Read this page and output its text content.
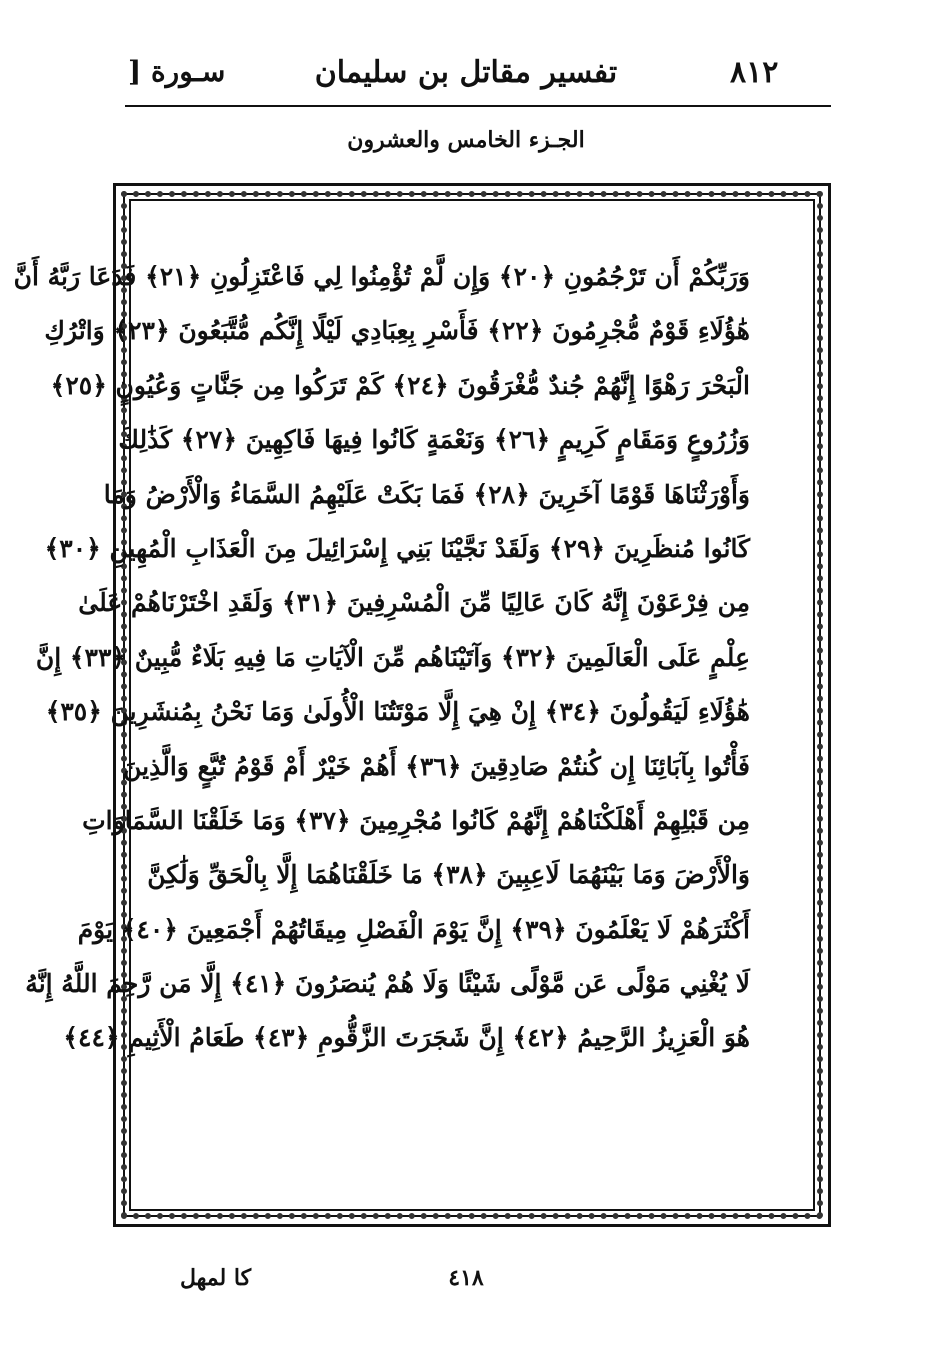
٨١٢
تفسير مقاتل بن سليمان
سـورة [
الجـزء الخامس والعشرون
وَرَبِّكُمْ أَن تَرْجُمُونِ ﴿٢٠﴾ وَإِن لَّمْ تُؤْمِنُوا لِي فَاعْتَزِلُونِ ﴿٢١﴾ فَدَعَا رَبَّهُ أَنَّ
هَٰؤُلَاءِ قَوْمٌ مُّجْرِمُونَ ﴿٢٢﴾ فَأَسْرِ بِعِبَادِي لَيْلًا إِنَّكُم مُّتَّبَعُونَ ﴿٢٣﴾ وَاتْرُكِ
الْبَحْرَ رَهْوًا إِنَّهُمْ جُندٌ مُّغْرَقُونَ ﴿٢٤﴾ كَمْ تَرَكُوا مِن جَنَّاتٍ وَعُيُونٍ ﴿٢٥﴾
وَزُرُوعٍ وَمَقَامٍ كَرِيمٍ ﴿٢٦﴾ وَنَعْمَةٍ كَانُوا فِيهَا فَاكِهِينَ ﴿٢٧﴾ كَذَٰلِكَ
وَأَوْرَثْنَاهَا قَوْمًا آخَرِينَ ﴿٢٨﴾ فَمَا بَكَتْ عَلَيْهِمُ السَّمَاءُ وَالْأَرْضُ وَمَا
كَانُوا مُنظَرِينَ ﴿٢٩﴾ وَلَقَدْ نَجَّيْنَا بَنِي إِسْرَائِيلَ مِنَ الْعَذَابِ الْمُهِينِ ﴿٣٠﴾
مِن فِرْعَوْنَ إِنَّهُ كَانَ عَالِيًا مِّنَ الْمُسْرِفِينَ ﴿٣١﴾ وَلَقَدِ اخْتَرْنَاهُمْ عَلَىٰ
عِلْمٍ عَلَى الْعَالَمِينَ ﴿٣٢﴾ وَآتَيْنَاهُم مِّنَ الْآيَاتِ مَا فِيهِ بَلَاءٌ مُّبِينٌ ﴿٣٣﴾ إِنَّ
هَٰؤُلَاءِ لَيَقُولُونَ ﴿٣٤﴾ إِنْ هِيَ إِلَّا مَوْتَتُنَا الْأُولَىٰ وَمَا نَحْنُ بِمُنشَرِينَ ﴿٣٥﴾
فَأْتُوا بِآبَائِنَا إِن كُنتُمْ صَادِقِينَ ﴿٣٦﴾ أَهُمْ خَيْرٌ أَمْ قَوْمُ تُبَّعٍ وَالَّذِينَ
مِن قَبْلِهِمْ أَهْلَكْنَاهُمْ إِنَّهُمْ كَانُوا مُجْرِمِينَ ﴿٣٧﴾ وَمَا خَلَقْنَا السَّمَاوَاتِ
وَالْأَرْضَ وَمَا بَيْنَهُمَا لَاعِبِينَ ﴿٣٨﴾ مَا خَلَقْنَاهُمَا إِلَّا بِالْحَقِّ وَلَٰكِنَّ
أَكْثَرَهُمْ لَا يَعْلَمُونَ ﴿٣٩﴾ إِنَّ يَوْمَ الْفَصْلِ مِيقَاتُهُمْ أَجْمَعِينَ ﴿٤٠﴾ يَوْمَ
لَا يُغْنِي مَوْلًى عَن مَّوْلًى شَيْئًا وَلَا هُمْ يُنصَرُونَ ﴿٤١﴾ إِلَّا مَن رَّحِمَ اللَّهُ إِنَّهُ
هُوَ الْعَزِيزُ الرَّحِيمُ ﴿٤٢﴾ إِنَّ شَجَرَتَ الزَّقُّومِ ﴿٤٣﴾ طَعَامُ الْأَثِيمِ ﴿٤٤﴾
٤١٨
كا لمهل
